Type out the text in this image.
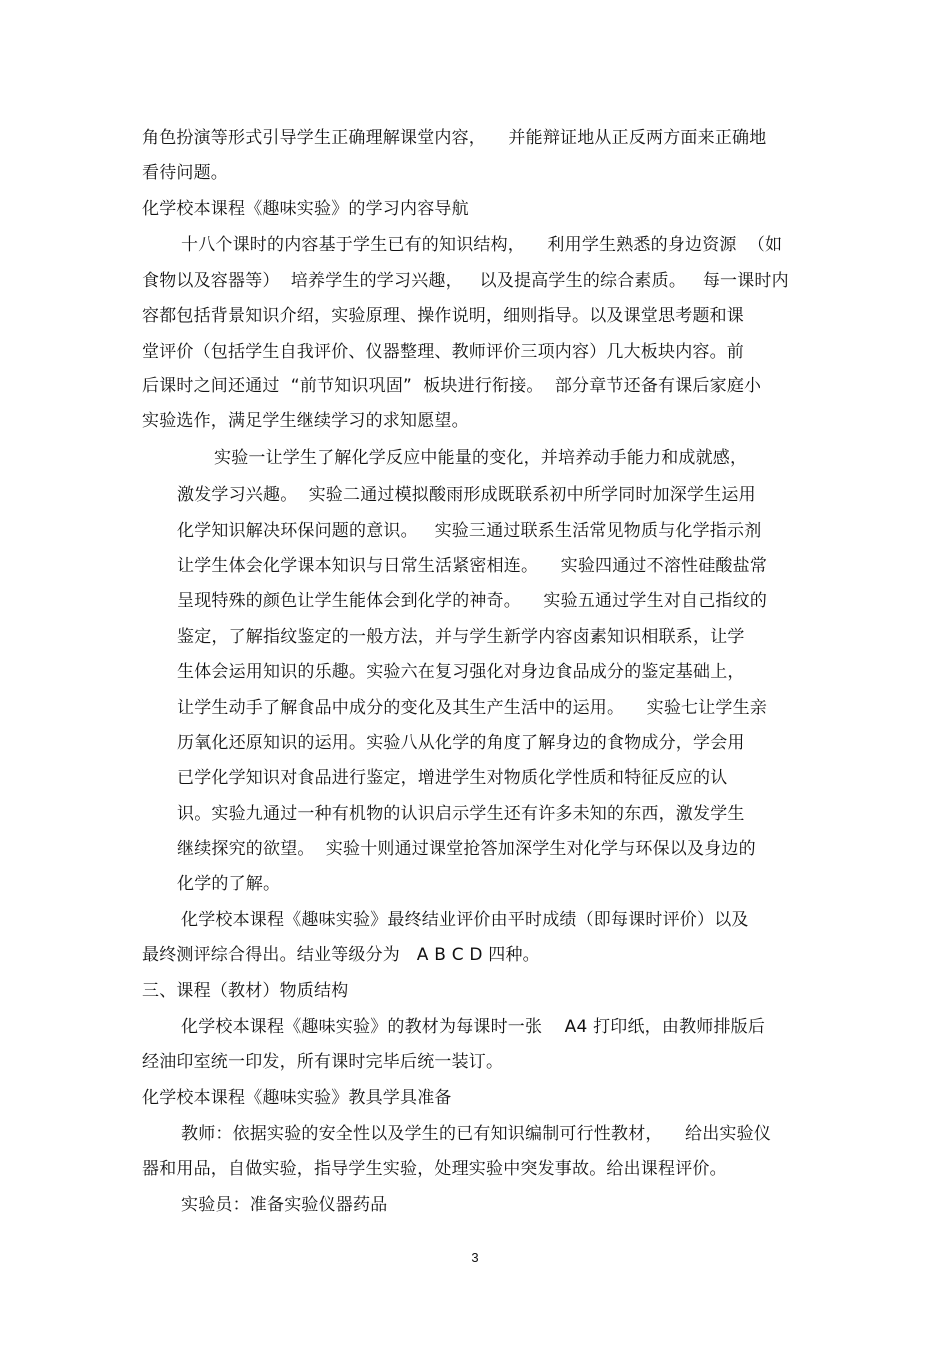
角色扮演等形式引导学生正确理解课堂内容，    并能辩证地从正反两方面来正确地
看待问题。
化学校本课程《趣味实验》的学习内容导航
十八个课时的内容基于学生已有的知识结构，    利用学生熟悉的身边资源  （如
食物以及容器等）  培养学生的学习兴趣，   以及提高学生的综合素质。   每一课时内
容都包括背景知识介绍，实验原理、操作说明，细则指导。以及课堂思考题和课
堂评价（包括学生自我评价、仪器整理、教师评价三项内容）几大板块内容。前
后课时之间还通过  “前节知识巩固”  板块进行衔接。  部分章节还备有课后家庭小
实验选作，满足学生继续学习的求知愿望。
实验一让学生了解化学反应中能量的变化，并培养动手能力和成就感，
激发学习兴趣。  实验二通过模拟酸雨形成既联系初中所学同时加深学生运用
化学知识解决环保问题的意识。   实验三通过联系生活常见物质与化学指示剂
让学生体会化学课本知识与日常生活紧密相连。    实验四通过不溶性硅酸盐常
呈现特殊的颜色让学生能体会到化学的神奇。    实验五通过学生对自己指纹的
鉴定，了解指纹鉴定的一般方法，并与学生新学内容卤素知识相联系，让学
生体会运用知识的乐趣。实验六在复习强化对身边食品成分的鉴定基础上，
让学生动手了解食品中成分的变化及其生产生活中的运用。    实验七让学生亲
历氧化还原知识的运用。实验八从化学的角度了解身边的食物成分，学会用
已学化学知识对食品进行鉴定，增进学生对物质化学性质和特征反应的认
识。实验九通过一种有机物的认识启示学生还有许多未知的东西，激发学生
继续探究的欲望。  实验十则通过课堂抢答加深学生对化学与环保以及身边的
化学的了解。
化学校本课程《趣味实验》最终结业评价由平时成绩（即每课时评价）以及
最终测评综合得出。结业等级分为   A B C D 四种。
三、课程（教材）物质结构
化学校本课程《趣味实验》的教材为每课时一张    A4 打印纸，由教师排版后
经油印室统一印发，所有课时完毕后统一装订。
化学校本课程《趣味实验》教具学具准备
教师：依据实验的安全性以及学生的已有知识编制可行性教材，    给出实验仪
器和用品，自做实验，指导学生实验，处理实验中突发事故。给出课程评价。
实验员：准备实验仪器药品
3
